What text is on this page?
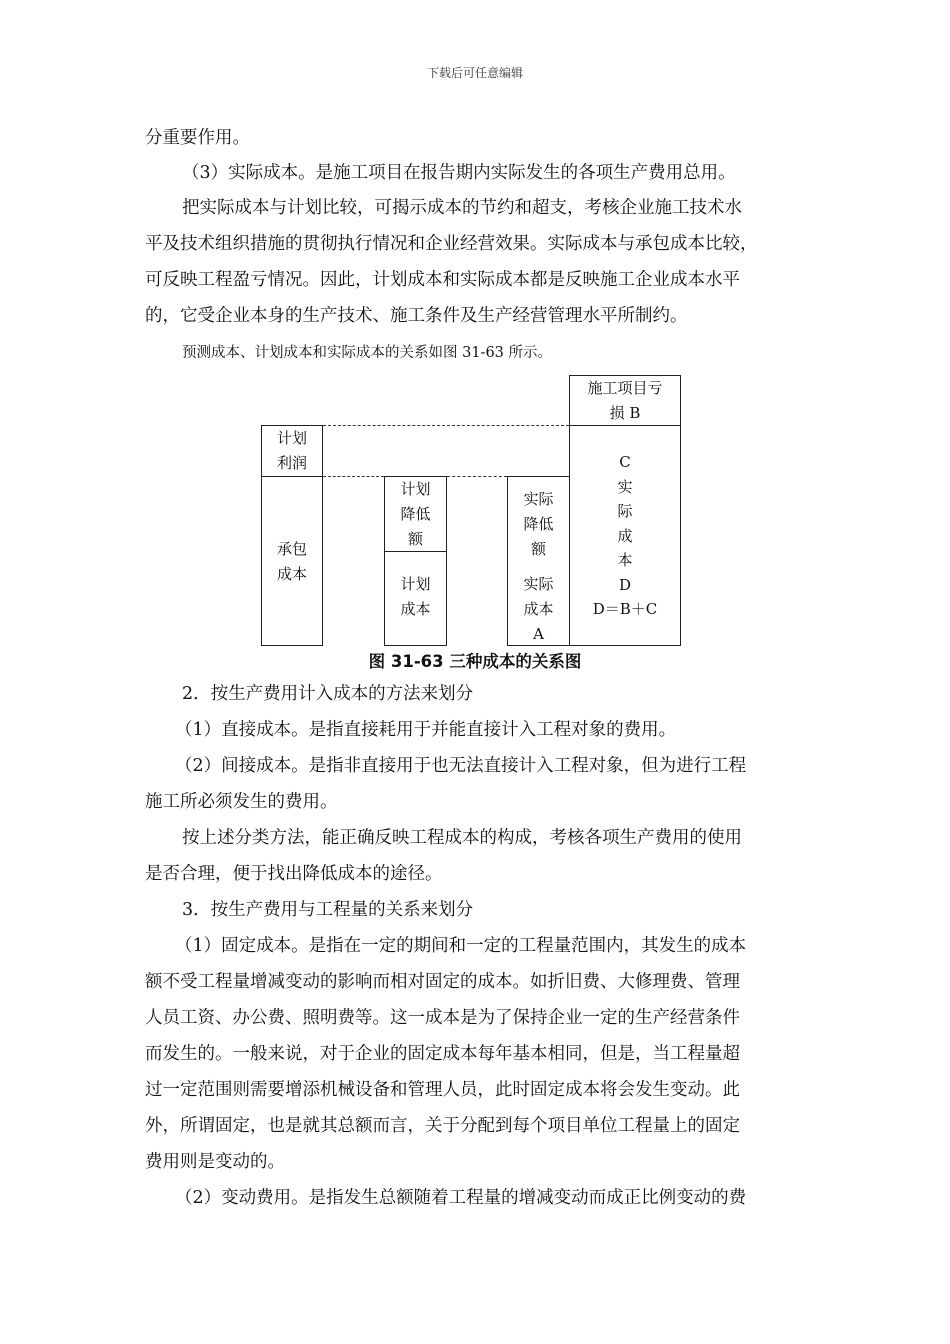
下载后可任意编辑

分重要作用。

（3）实际成本。是施工项目在报告期内实际发生的各项生产费用总用。

把实际成本与计划比较，可揭示成本的节约和超支，考核企业施工技术水

平及技术组织措施的贯彻执行情况和企业经营效果。实际成本与承包成本比较，

可反映工程盈亏情况。因此，计划成本和实际成本都是反映施工企业成本水平

的，它受企业本身的生产技术、施工条件及生产经营管理水平所制约。

预测成本、计划成本和实际成本的关系如图 31-63 所示。

计划
利润
承包
成本
计划
降低
额
计划
成本
实际
降低
额
实际
成本
A
施工项目亏
损 B
C
实
际
成
本
D
D＝B＋C
图 31-63 三种成本的关系图

2．按生产费用计入成本的方法来划分

（1）直接成本。是指直接耗用于并能直接计入工程对象的费用。

（2）间接成本。是指非直接用于也无法直接计入工程对象，但为进行工程

施工所必须发生的费用。

按上述分类方法，能正确反映工程成本的构成，考核各项生产费用的使用

是否合理，便于找出降低成本的途径。

3．按生产费用与工程量的关系来划分

（1）固定成本。是指在一定的期间和一定的工程量范围内，其发生的成本

额不受工程量增减变动的影响而相对固定的成本。如折旧费、大修理费、管理

人员工资、办公费、照明费等。这一成本是为了保持企业一定的生产经营条件

而发生的。一般来说，对于企业的固定成本每年基本相同，但是，当工程量超

过一定范围则需要增添机械设备和管理人员，此时固定成本将会发生变动。此

外，所谓固定，也是就其总额而言，关于分配到每个项目单位工程量上的固定

费用则是变动的。

（2）变动费用。是指发生总额随着工程量的增减变动而成正比例变动的费
